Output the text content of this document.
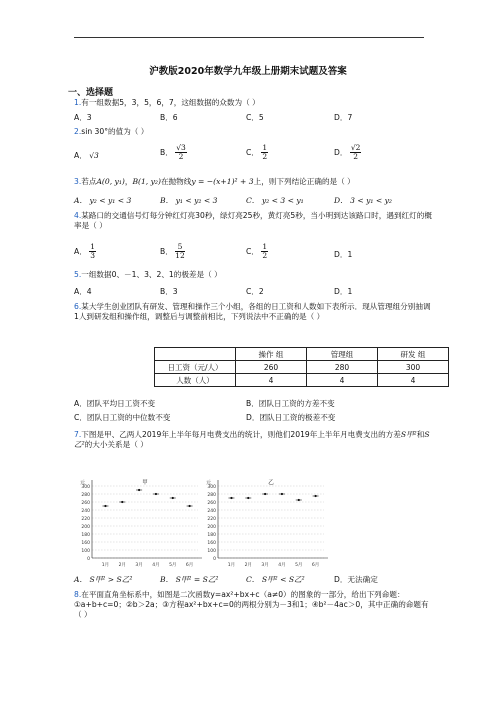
沪教版2020年数学九年级上册期末试题及答案
一、选择题
1.有一组数据5，3，5，6，7，这组数据的众数为（ ）
A．3	B．6	C．5	D．7
2.sin 30°的值为（ ）
A． √3	B． $\frac{√3}{2}$	C． $\frac{1}{2}$	D． $\frac{√2}{2}$
3.若点A(0, y₁)，B(1, y₂)在抛物线y = −(x+1)² + 3上，则下列结论正确的是（ ）
A． y₂ < y₁ < 3	B． y₁ < y₂ < 3	C． y₂ < 3 < y₁	D． 3 < y₁ < y₂
4.某路口的交通信号灯每分钟红灯亮30秒，绿灯亮25秒，黄灯亮5秒，当小明到达该路口时，遇到红灯的概率是（ ）
A． $\frac{1}{3}$	B． $\frac{5}{12}$	C． $\frac{1}{2}$	D．1
5.一组数据0、－1、3、2、1的极差是（ ）
A．4	B．3	C．2	D．1
6.某大学生创业团队有研发、管理和操作三个小组，各组的日工资和人数如下表所示．现从管理组分别抽调1人到研发组和操作组，调整后与调整前相比，下列说法中不正确的是（ ）
	操作 组	管理组	研发 组
日工资（元/人）	260	280	300
人数（人）	4	4	4
A．团队平均日工资不变	B．团队日工资的方差不变
C．团队日工资的中位数不变	D．团队日工资的极差不变
7.下图是甲、乙两人2019年上半年每月电费支出的统计，则他们2019年上半年月电费支出的方差S甲²和S乙²的大小关系是（ ）
0
100
160
180
200
220
240
260
280
300
元	甲
1月 2月 3月 4月 5月 6月
0
100
160
180
200
220
240
260
280
300
元	乙
1月 2月 3月 4月 5月 6月
A． S甲² > S乙²	B． S甲² = S乙²	C． S甲² < S乙²	D．无法确定
8.在平面直角坐标系中，如图是二次函数y=ax²+bx+c（a≠0）的图象的一部分，给出下列命题：①a+b+c=0；②b＞2a；③方程ax²+bx+c=0的两根分别为－3和1；④b²－4ac＞0，其中正确的命题有（ ）
